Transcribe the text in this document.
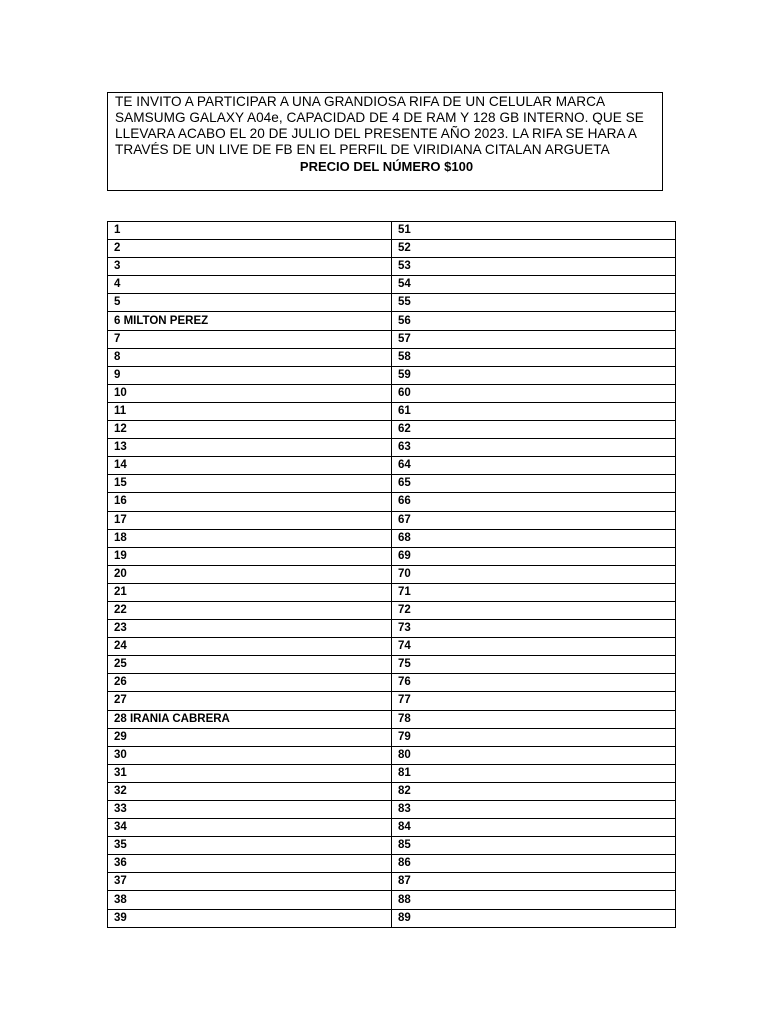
TE INVITO A PARTICIPAR A UNA GRANDIOSA RIFA DE UN CELULAR MARCA SAMSUMG GALAXY A04e, CAPACIDAD DE 4 DE RAM Y 128 GB INTERNO. QUE SE LLEVARA ACABO EL 20 DE JULIO DEL PRESENTE AÑO 2023. LA RIFA SE HARA A TRAVÉS DE UN LIVE DE FB EN EL PERFIL DE VIRIDIANA CITALAN ARGUETA

PRECIO DEL NÚMERO $100

1	51
2	52
3	53
4	54
5	55
6 MILTON PEREZ	56
7	57
8	58
9	59
10	60
11	61
12	62
13	63
14	64
15	65
16	66
17	67
18	68
19	69
20	70
21	71
22	72
23	73
24	74
25	75
26	76
27	77
28 IRANIA CABRERA	78
29	79
30	80
31	81
32	82
33	83
34	84
35	85
36	86
37	87
38	88
39	89
